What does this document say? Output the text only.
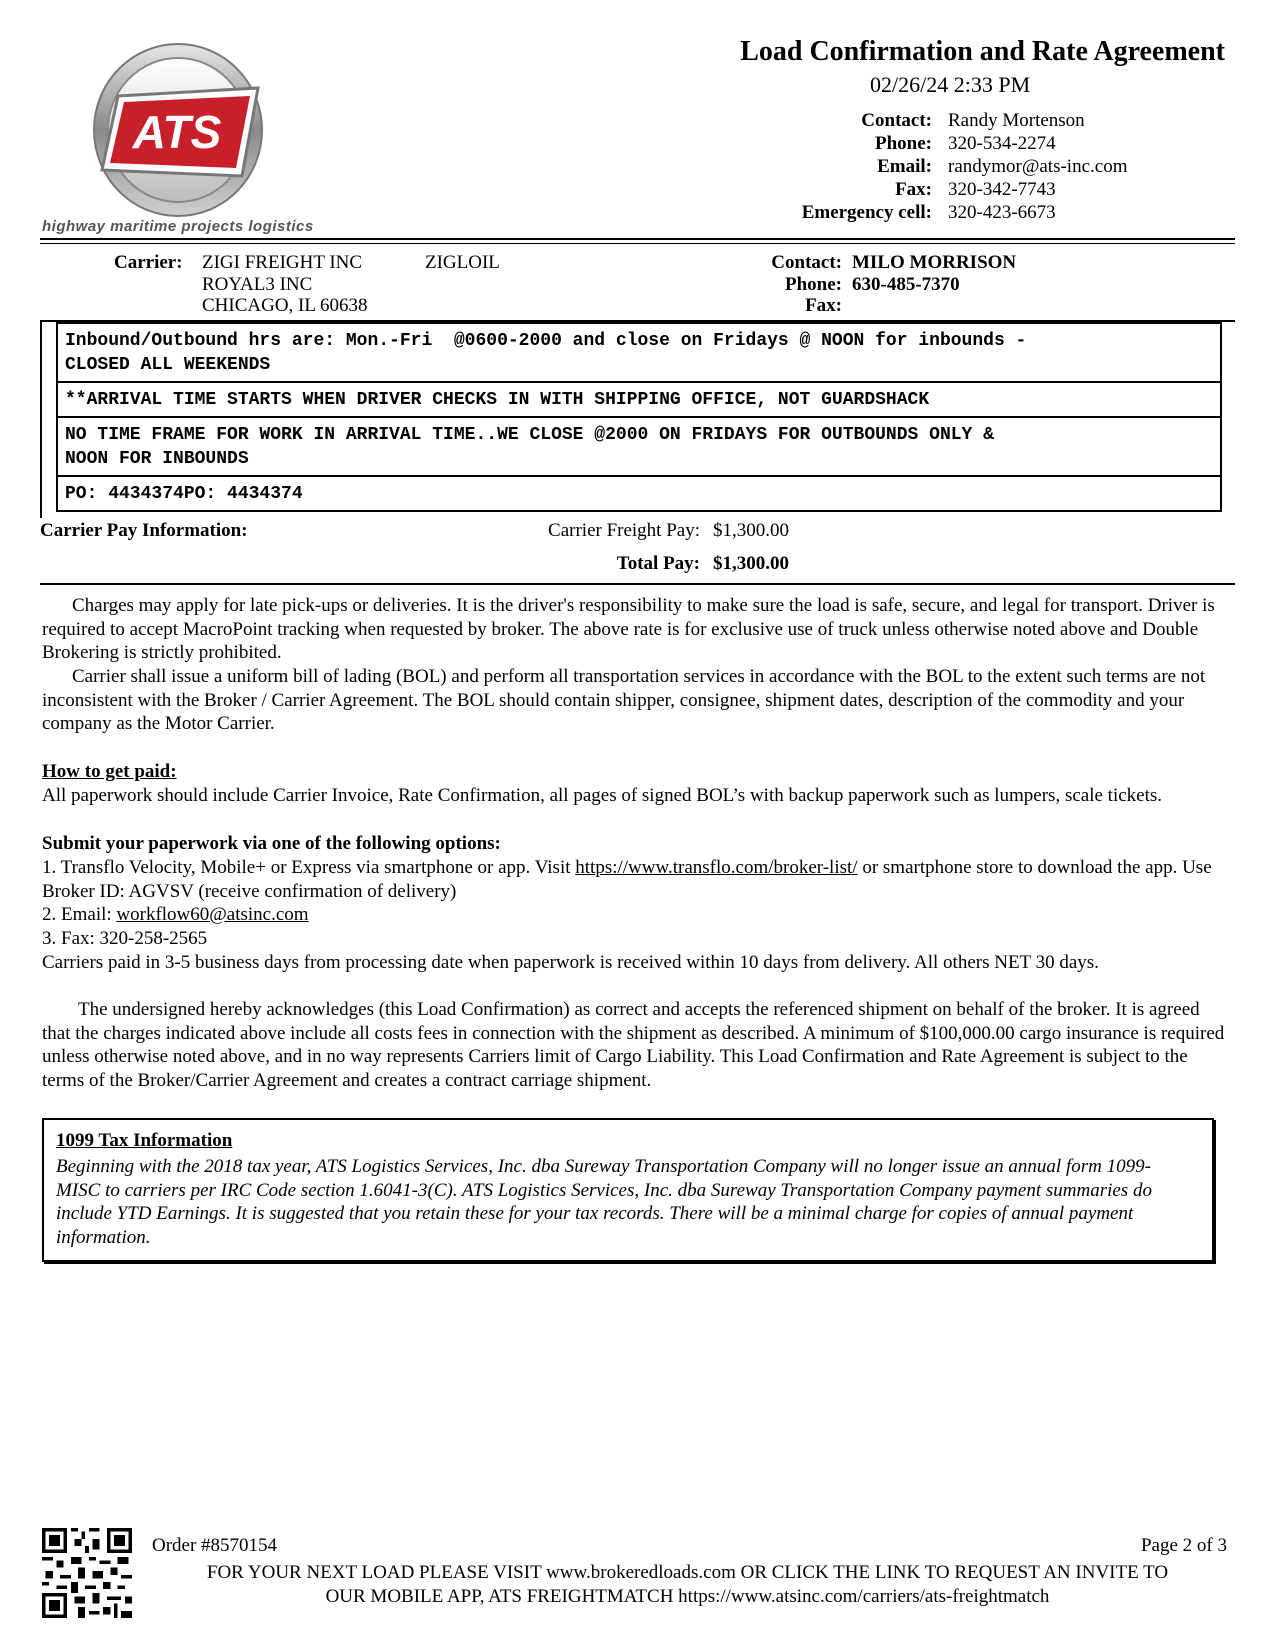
ATS
highway maritime projects logistics
Load Confirmation and Rate Agreement
02/26/24 2:33 PM
Contact: Randy Mortenson
Phone: 320-534-2274
Email: randymor@ats-inc.com
Fax: 320-342-7743
Emergency cell: 320-423-6673
Carrier: ZIGI FREIGHT INC	ZIGLOIL
ROYAL3 INC
CHICAGO, IL 60638
Contact: MILO MORRISON
Phone: 630-485-7370
Fax:
Inbound/Outbound hrs are: Mon.-Fri  @0600-2000 and close on Fridays @ NOON for inbounds -
CLOSED ALL WEEKENDS
**ARRIVAL TIME STARTS WHEN DRIVER CHECKS IN WITH SHIPPING OFFICE, NOT GUARDSHACK
NO TIME FRAME FOR WORK IN ARRIVAL TIME..WE CLOSE @2000 ON FRIDAYS FOR OUTBOUNDS ONLY &
NOON FOR INBOUNDS
PO: 4434374PO: 4434374
Carrier Pay Information:	Carrier Freight Pay: $1,300.00
Total Pay: $1,300.00
Charges may apply for late pick-ups or deliveries. It is the driver's responsibility to make sure the load is safe, secure, and legal for transport. Driver is required to accept MacroPoint tracking when requested by broker. The above rate is for exclusive use of truck unless otherwise noted above and Double Brokering is strictly prohibited.
Carrier shall issue a uniform bill of lading (BOL) and perform all transportation services in accordance with the BOL to the extent such terms are not inconsistent with the Broker / Carrier Agreement. The BOL should contain shipper, consignee, shipment dates, description of the commodity and your company as the Motor Carrier.
How to get paid:
All paperwork should include Carrier Invoice, Rate Confirmation, all pages of signed BOL’s with backup paperwork such as lumpers, scale tickets.
Submit your paperwork via one of the following options:
1. Transflo Velocity, Mobile+ or Express via smartphone or app. Visit https://www.transflo.com/broker-list/ or smartphone store to download the app. Use Broker ID: AGVSV (receive confirmation of delivery)
2. Email: workflow60@atsinc.com
3. Fax: 320-258-2565
Carriers paid in 3-5 business days from processing date when paperwork is received within 10 days from delivery. All others NET 30 days.
The undersigned hereby acknowledges (this Load Confirmation) as correct and accepts the referenced shipment on behalf of the broker. It is agreed that the charges indicated above include all costs fees in connection with the shipment as described. A minimum of $100,000.00 cargo insurance is required unless otherwise noted above, and in no way represents Carriers limit of Cargo Liability. This Load Confirmation and Rate Agreement is subject to the terms of the Broker/Carrier Agreement and creates a contract carriage shipment.
1099 Tax Information
Beginning with the 2018 tax year, ATS Logistics Services, Inc. dba Sureway Transportation Company will no longer issue an annual form 1099-MISC to carriers per IRC Code section 1.6041-3(C). ATS Logistics Services, Inc. dba Sureway Transportation Company payment summaries do include YTD Earnings. It is suggested that you retain these for your tax records. There will be a minimal charge for copies of annual payment information.
Order #8570154	Page 2 of 3
FOR YOUR NEXT LOAD PLEASE VISIT www.brokeredloads.com OR CLICK THE LINK TO REQUEST AN INVITE TO
OUR MOBILE APP, ATS FREIGHTMATCH https://www.atsinc.com/carriers/ats-freightmatch
